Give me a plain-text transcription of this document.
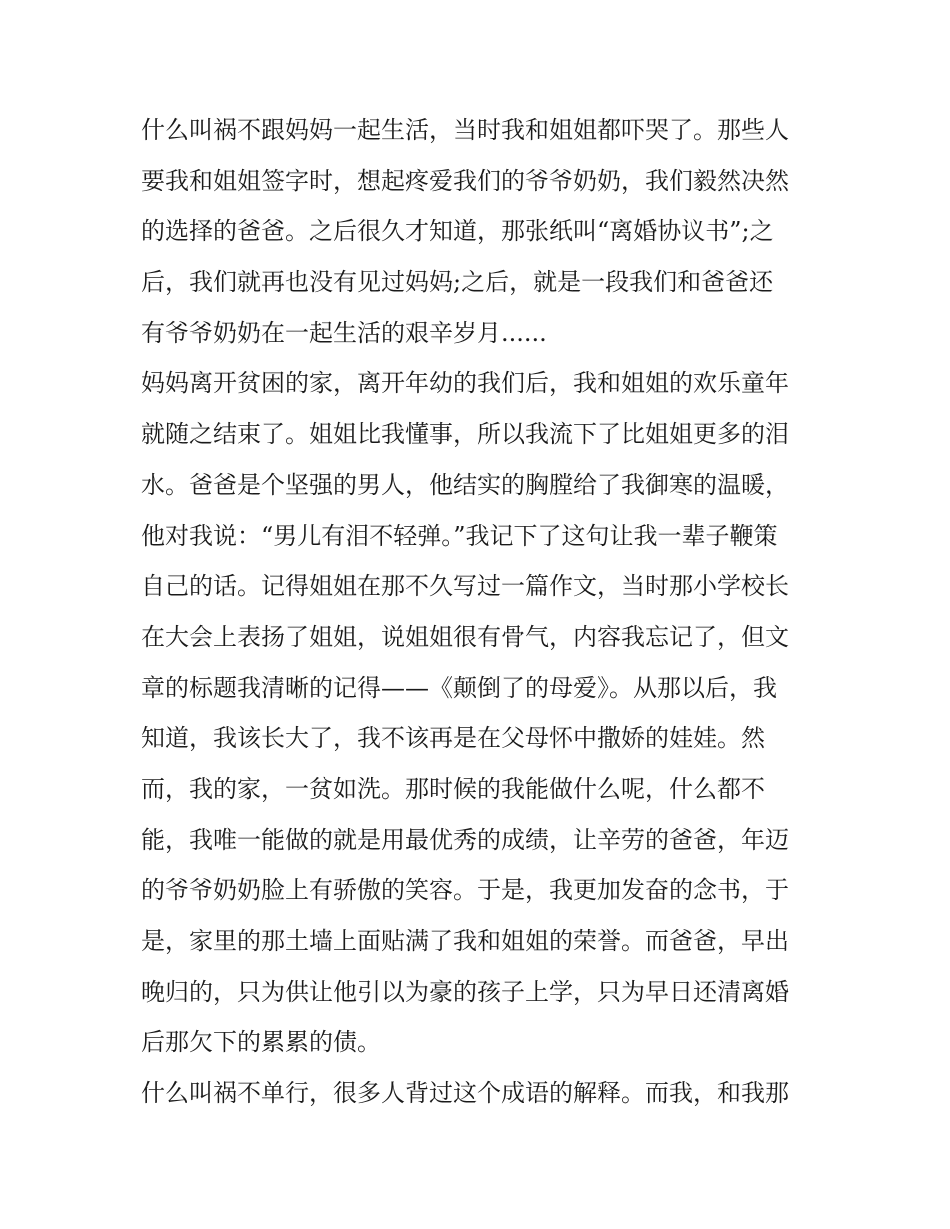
什么叫祸不跟妈妈一起生活，当时我和姐姐都吓哭了。那些人
要我和姐姐签字时，想起疼爱我们的爷爷奶奶，我们毅然决然
的选择的爸爸。之后很久才知道，那张纸叫“离婚协议书”;之
后，我们就再也没有见过妈妈;之后，就是一段我们和爸爸还
有爷爷奶奶在一起生活的艰辛岁月......
妈妈离开贫困的家，离开年幼的我们后，我和姐姐的欢乐童年
就随之结束了。姐姐比我懂事，所以我流下了比姐姐更多的泪
水。爸爸是个坚强的男人，他结实的胸膛给了我御寒的温暖，
他对我说：“男儿有泪不轻弹。”我记下了这句让我一辈子鞭策
自己的话。记得姐姐在那不久写过一篇作文，当时那小学校长
在大会上表扬了姐姐，说姐姐很有骨气，内容我忘记了，但文
章的标题我清晰的记得——《颠倒了的母爱》。从那以后，我
知道，我该长大了，我不该再是在父母怀中撒娇的娃娃。然
而，我的家，一贫如洗。那时候的我能做什么呢，什么都不
能，我唯一能做的就是用最优秀的成绩，让辛劳的爸爸，年迈
的爷爷奶奶脸上有骄傲的笑容。于是，我更加发奋的念书，于
是，家里的那土墙上面贴满了我和姐姐的荣誉。而爸爸，早出
晚归的，只为供让他引以为豪的孩子上学，只为早日还清离婚
后那欠下的累累的债。
什么叫祸不单行，很多人背过这个成语的解释。而我，和我那
